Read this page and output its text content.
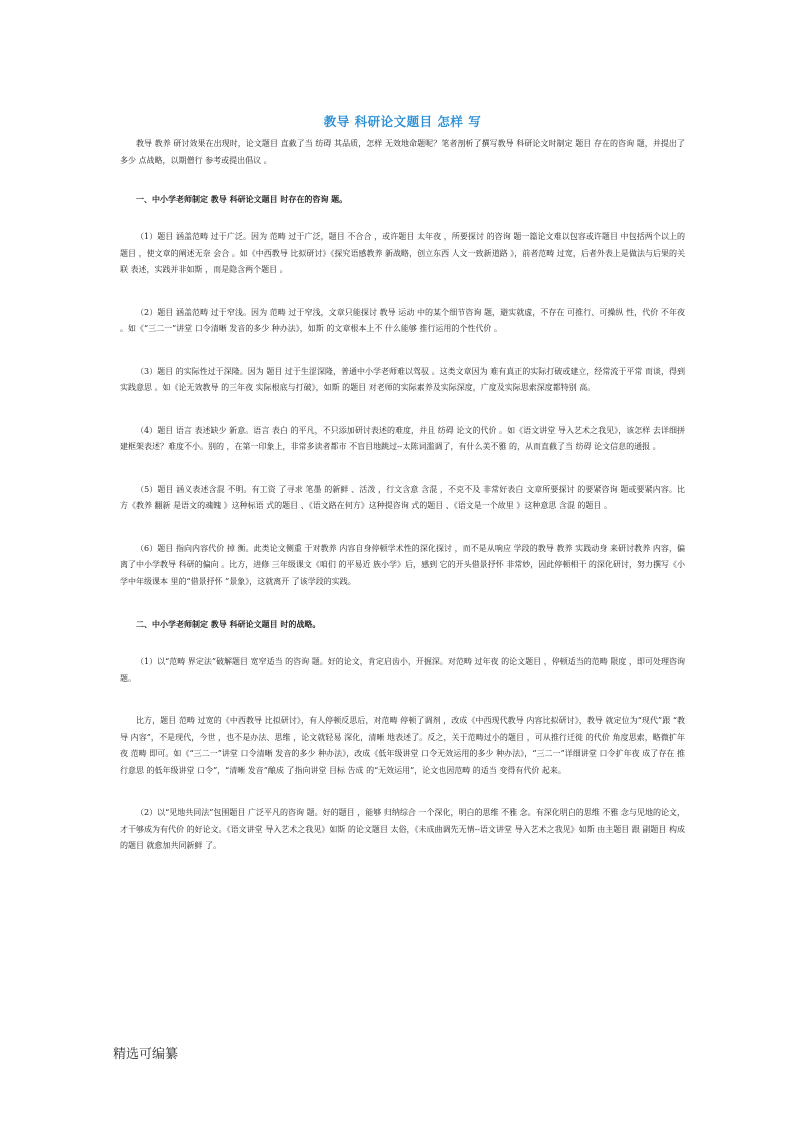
教导 科研论文题目 怎样 写

教导 教养 研讨效果在出现时，论文题目 直截了当 纺碍 其品质，怎样 无效地命题呢？笔者剖析了撰写教导 科研论文时制定 题目 存在的咨询 题，并提出了多少 点战略，以期僧行 参考或提出倡议 。

一、中小学老师制定 教导 科研论文题目 时存在的咨询 题。

（1）题目 涵盖范畴 过于广泛。因为 范畴 过于广泛，题目 不合合 ，或许题目 太年夜 ，所要探讨 的咨询 题一篇论文难以包容或许题目 中包括两个以上的题目 ，使文章的阐述无奈 会合 。如《中西教导 比拟研讨》《探究语感教养 新战略，创立东西 人文一致新道路 》，前者范畴 过宽，后者外表上是做法与后果的关联 表述，实践并非如斯 ，而是隐含两个题目 。

（2）题目 涵盖范畴 过于窄浅。因为 范畴 过于窄浅，文章只能探讨 教导 运动 中的某个细节咨询 题，避实就虚，不存在 可推行、可操纵 性，代价 不年夜 。如《“三二一”讲堂 口令清晰 发音的多少 种办法》，如斯 的文章根本上不 什么能够 推行运用的个性代价 。

（3）题目 的实际性过于深隆。因为 题目 过于生涩深隆，普通中小学老师难以驾驭 。这类文章因为 难有真正的实际打破或建立，经常流于平常 而谈，得到实践意思 。如《论无效教导 的三年夜 实际根底与打破》，如斯 的题目 对老师的实际素养及实际深度，广度及实际思索深度都特别 高。

（4）题目 语言 表述缺少 新意。语言 表白 的平凡，不只添加研讨表述的难度，并且 纺碍 论文的代价 。如《语文讲堂 导入艺术之我见》，该怎样 去详细拼建框架表述？难度不小。别的 ，在第一印象上，非常多读者都市 不盲目地跳过--太陈词滥调了，有什么美不雅 的，从而直截了当 纺碍 论文信息的通报 。

（5）题目 涵义表述含混 不明。有工资 了寻求 笔墨 的新鲜 、活泼 ，行文含意 含混 ，不克不及 非常好表白 文章所要探讨 的要紧咨询 题或要紧内容。比方《教养 翻新 是语文的魂魄 》这种标语 式的题目 、《语文路在何方》这种提咨询 式的题目 、《语文是一个故里 》这种意思 含混 的题目 。

（6）题目 指向内容代价 掉 衡。此类论文侧重 于对教养 内容自身停顿学术性的深化探讨 ，而不是从响应 学段的教导 教养 实践动身 来研讨教养 内容，偏离了中小学教导 科研的偏向 。比方，进修 三年级课文《咱们 的平易近 族小学》后，感到 它的开头借景抒怀 非常妙，因此停顿相干 的深化研讨，努力撰写《小学中年级课本 里的“借景抒怀 ”景象》，这就离开 了该学段的实践。

二、中小学老师制定 教导 科研论文题目 时的战略。

（1）以“范畴 界定法”破解题目 宽窄适当 的咨询 题。好的论文，肯定启齿小，开掘深。对范畴 过年夜 的论文题目 ，停顿适当的范畴 限度 ，即可处理咨询 题。

比方，题目 范畴 过宽的《中西教导 比拟研讨》，有人停顿反思后，对范畴 停顿了调剂 ，改成《中西现代教导 内容比拟研讨》，教导 就定位为“现代”跟 “教导 内容”，不是现代，今世 ，也不是办法、思维 ，论文就轻易 深化，清晰 地表述了。反之，关于范畴过小的题目 ，可从推行迁徙 的代价 角度思索，略微扩年夜 范畴 即可。如《“三二一”讲堂 口令清晰 发音的多少 种办法》，改成《低年级讲堂 口令无效运用的多少 种办法》，“三二一”详细讲堂 口令扩年夜 成了存在 推行意思 的低年级讲堂 口令”，“清晰 发音”酿成 了指向讲堂 目标 告成 的“无效运用”，论文也因范畴 的适当 变得有代价 起来。

（2）以“见地共同法”包围题目 广泛平凡的咨询 题。好的题目 ，能够 归纳综合 一个深化，明白的思维 不雅 念。有深化明白的思维 不雅 念与见地的论文，才干够成为有代价 的好论文。《语文讲堂 导入艺术之我见》如斯 的论文题目 太俗，《未成曲调先无情--语文讲堂 导入艺术之我见》如斯 由主题目 跟 副题目 构成 的题目 就愈加共同新鲜 了。

精选可编纂
